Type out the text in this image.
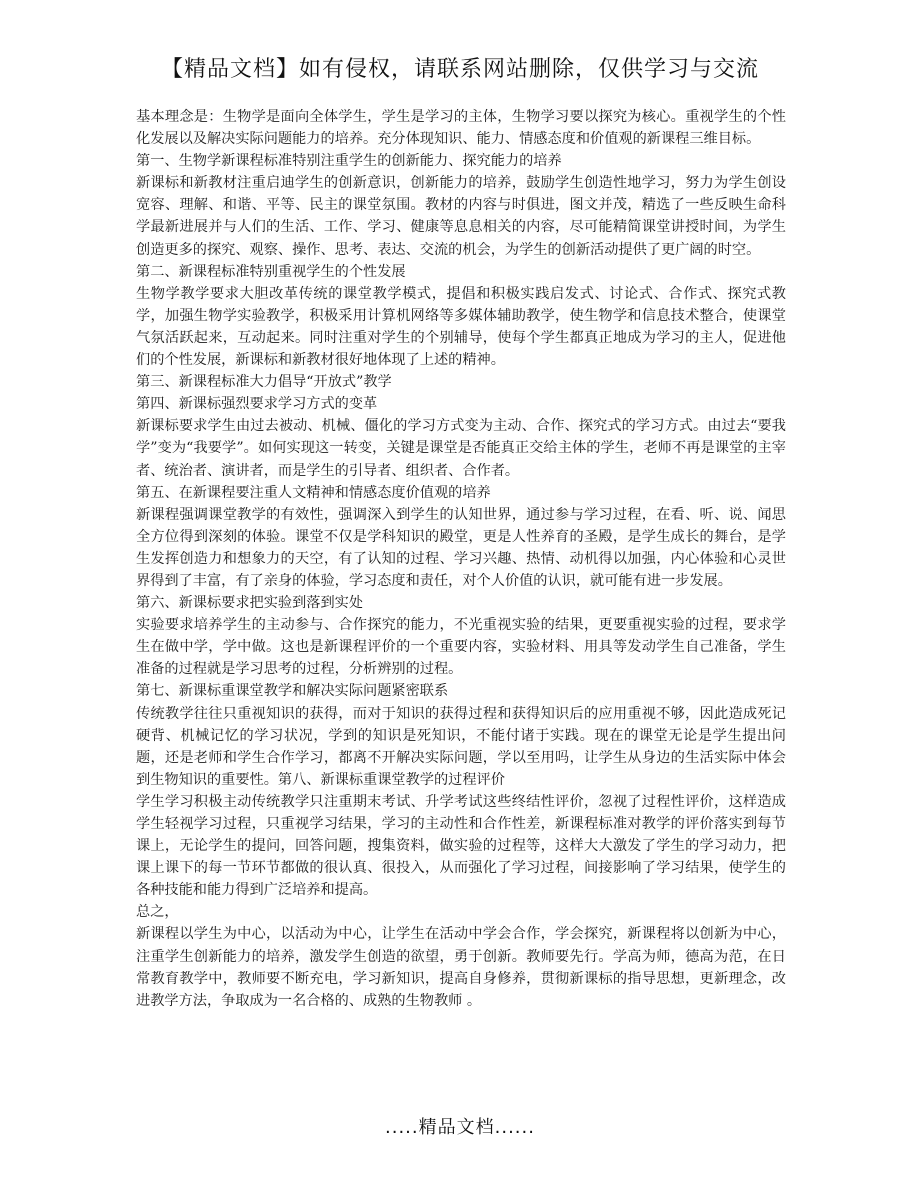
【精品文档】如有侵权，请联系网站删除，仅供学习与交流

基本理念是：生物学是面向全体学生，学生是学习的主体，生物学习要以探究为核心。重视学生的个性化发展以及解决实际问题能力的培养。充分体现知识、能力、情感态度和价值观的新课程三维目标。

第一、生物学新课程标准特别注重学生的创新能力、探究能力的培养

新课标和新教材注重启迪学生的创新意识，创新能力的培养，鼓励学生创造性地学习，努力为学生创设宽容、理解、和谐、平等、民主的课堂氛围。教材的内容与时俱进，图文并茂，精选了一些反映生命科学最新进展并与人们的生活、工作、学习、健康等息息相关的内容，尽可能精简课堂讲授时间，为学生创造更多的探究、观察、操作、思考、表达、交流的机会，为学生的创新活动提供了更广阔的时空。

第二、新课程标准特别重视学生的个性发展

生物学教学要求大胆改革传统的课堂教学模式，提倡和积极实践启发式、讨论式、合作式、探究式教学，加强生物学实验教学，积极采用计算机网络等多媒体辅助教学，使生物学和信息技术整合，使课堂气氛活跃起来，互动起来。同时注重对学生的个别辅导，使每个学生都真正地成为学习的主人，促进他们的个性发展，新课标和新教材很好地体现了上述的精神。

第三、新课程标准大力倡导“开放式”教学

第四、新课标强烈要求学习方式的变革

新课标要求学生由过去被动、机械、僵化的学习方式变为主动、合作、探究式的学习方式。由过去“要我学”变为“我要学”。如何实现这一转变，关键是课堂是否能真正交给主体的学生，老师不再是课堂的主宰者、统治者、演讲者，而是学生的引导者、组织者、合作者。

第五、在新课程要注重人文精神和情感态度价值观的培养

新课程强调课堂教学的有效性，强调深入到学生的认知世界，通过参与学习过程，在看、听、说、闻思全方位得到深刻的体验。课堂不仅是学科知识的殿堂，更是人性养育的圣殿，是学生成长的舞台，是学生发挥创造力和想象力的天空，有了认知的过程、学习兴趣、热情、动机得以加强，内心体验和心灵世界得到了丰富，有了亲身的体验，学习态度和责任，对个人价值的认识，就可能有进一步发展。

第六、新课标要求把实验到落到实处

实验要求培养学生的主动参与、合作探究的能力，不光重视实验的结果，更要重视实验的过程，要求学生在做中学，学中做。这也是新课程评价的一个重要内容，实验材料、用具等发动学生自己准备，学生准备的过程就是学习思考的过程，分析辨别的过程。

第七、新课标重课堂教学和解决实际问题紧密联系

传统教学往往只重视知识的获得，而对于知识的获得过程和获得知识后的应用重视不够，因此造成死记硬背、机械记忆的学习状况，学到的知识是死知识，不能付诸于实践。现在的课堂无论是学生提出问题，还是老师和学生合作学习，都离不开解决实际问题，学以至用吗，让学生从身边的生活实际中体会到生物知识的重要性。第八、新课标重课堂教学的过程评价

学生学习积极主动传统教学只注重期末考试、升学考试这些终结性评价，忽视了过程性评价，这样造成学生轻视学习过程，只重视学习结果，学习的主动性和合作性差，新课程标准对教学的评价落实到每节课上，无论学生的提问，回答问题，搜集资料，做实验的过程等，这样大大激发了学生的学习动力，把课上课下的每一节环节都做的很认真、很投入，从而强化了学习过程，间接影响了学习结果，使学生的各种技能和能力得到广泛培养和提高。

总之，

新课程以学生为中心，以活动为中心，让学生在活动中学会合作，学会探究，新课程将以创新为中心，注重学生创新能力的培养，激发学生创造的欲望，勇于创新。教师要先行。学高为师，德高为范，在日常教育教学中，教师要不断充电，学习新知识，提高自身修养，贯彻新课标的指导思想，更新理念，改进教学方法，争取成为一名合格的、成熟的生物教师 。

.....精品文档......
